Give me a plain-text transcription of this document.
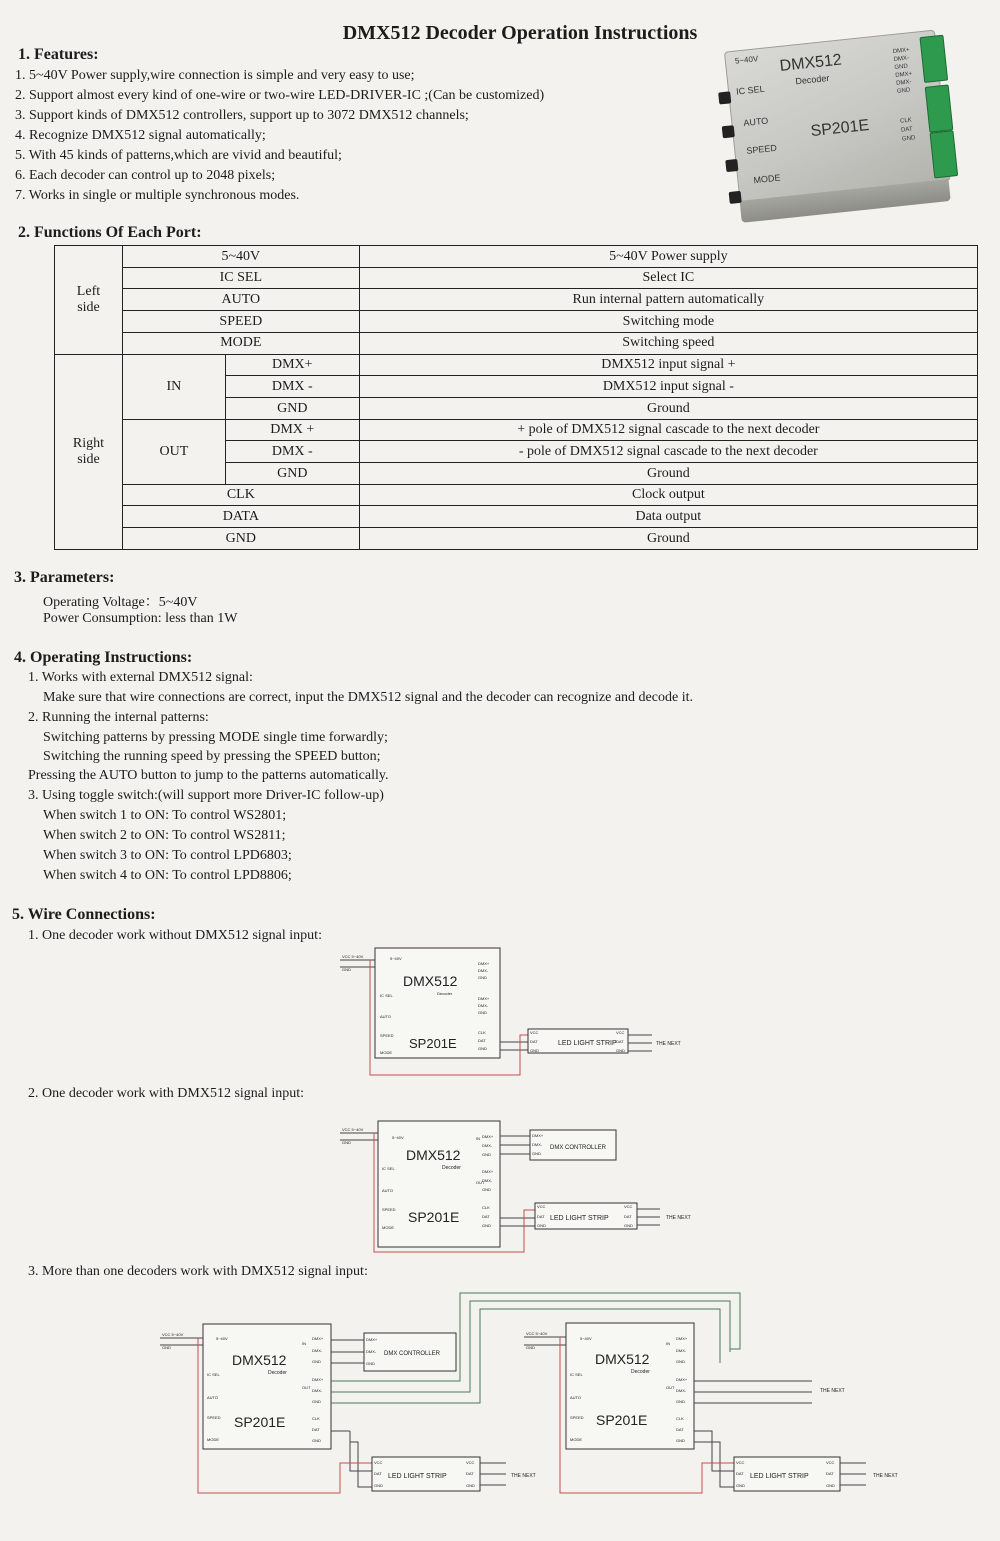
DMX512 Decoder Operation Instructions
1. Features:
1. 5~40V Power supply,wire connection is simple and very easy to use;
2. Support almost every kind of one-wire or two-wire LED-DRIVER-IC ;(Can be customized)
3. Support kinds of DMX512 controllers, support up to 3072 DMX512 channels;
4. Recognize DMX512 signal automatically;
5. With 45 kinds of patterns,which are vivid and beautiful;
6. Each decoder can control up to 2048 pixels;
7. Works in single or multiple synchronous modes.
DMX512
Decoder
SP201E
5~40V
IC SEL
AUTO
SPEED
MODE
DMX+
DMX-
GND
DMX+
DMX-
GND
CLK
DAT
GND
2. Functions Of Each Port:
Left side	5~40V		5~40V Power supply
	IC SEL		Select IC
	AUTO		Run internal pattern automatically
	SPEED		Switching mode
	MODE		Switching speed

Right side	IN	DMX+	DMX512 input signal +
		DMX -	DMX512 input signal -
		GND	Ground
	OUT	DMX +	+ pole of DMX512 signal cascade to the next decoder
		DMX -	- pole of DMX512 signal cascade to the next decoder
		GND	Ground
	CLK		Clock output
	DATA		Data output
	GND		Ground
3. Parameters:
Operating Voltage：5~40V
Power Consumption: less than 1W
4. Operating Instructions:
1. Works with external DMX512 signal:
Make sure that wire connections are correct, input the DMX512 signal and the decoder can recognize and decode it.
2. Running the internal patterns:
Switching patterns by pressing MODE single time forwardly;
Switching the running speed by pressing the SPEED button;
Pressing the AUTO button to jump to the patterns automatically.
3. Using toggle switch:(will support more Driver-IC follow-up)
When switch 1 to ON: To control WS2801;
When switch 2 to ON: To control WS2811;
When switch 3 to ON: To control LPD6803;
When switch 4 to ON: To control LPD8806;
5. Wire Connections:
1. One decoder work without DMX512 signal input:
2. One decoder work with DMX512 signal input:
3. More than one decoders work with DMX512 signal input:
VCC 5~40V
GND
5~40V
DMX512
Decoder
SP201E
IC SEL
AUTO
SPEED
MODE
DMX+
DMX-
GND
DMX+
DMX-
GND
CLK
DAT
GND
VCC
DAT
GND
LED LIGHT STRIP
VCC
DAT
GND
THE NEXT
VCC 5~40V
GND
5~40V
DMX512
Decoder
SP201E
IC SEL
AUTO
SPEED
MODE
IN
OUT
DMX+
DMX-
GND
DMX+
DMX-
GND
CLK
DAT
GND
DMX+
DMX-
GND
DMX CONTROLLER
VCC
DAT
GND
LED LIGHT STRIP
VCC
DAT
GND
THE NEXT
VCC 5~40V
GND
5~40V
DMX512
Decoder
SP201E
IC SEL
AUTO
SPEED
MODE
IN
OUT
DMX+
DMX-
GND
DMX+
DMX-
GND
CLK
DAT
GND
DMX+
DMX-
GND
DMX CONTROLLER
VCC
DAT
GND
LED LIGHT STRIP
VCC
DAT
GND
THE NEXT
VCC 5~40V
GND
5~40V
DMX512
Decoder
SP201E
IC SEL
AUTO
SPEED
MODE
IN
OUT
DMX+
DMX-
GND
DMX+
DMX-
GND
CLK
DAT
GND
THE NEXT
VCC
DAT
GND
LED LIGHT STRIP
VCC
DAT
GND
THE NEXT
